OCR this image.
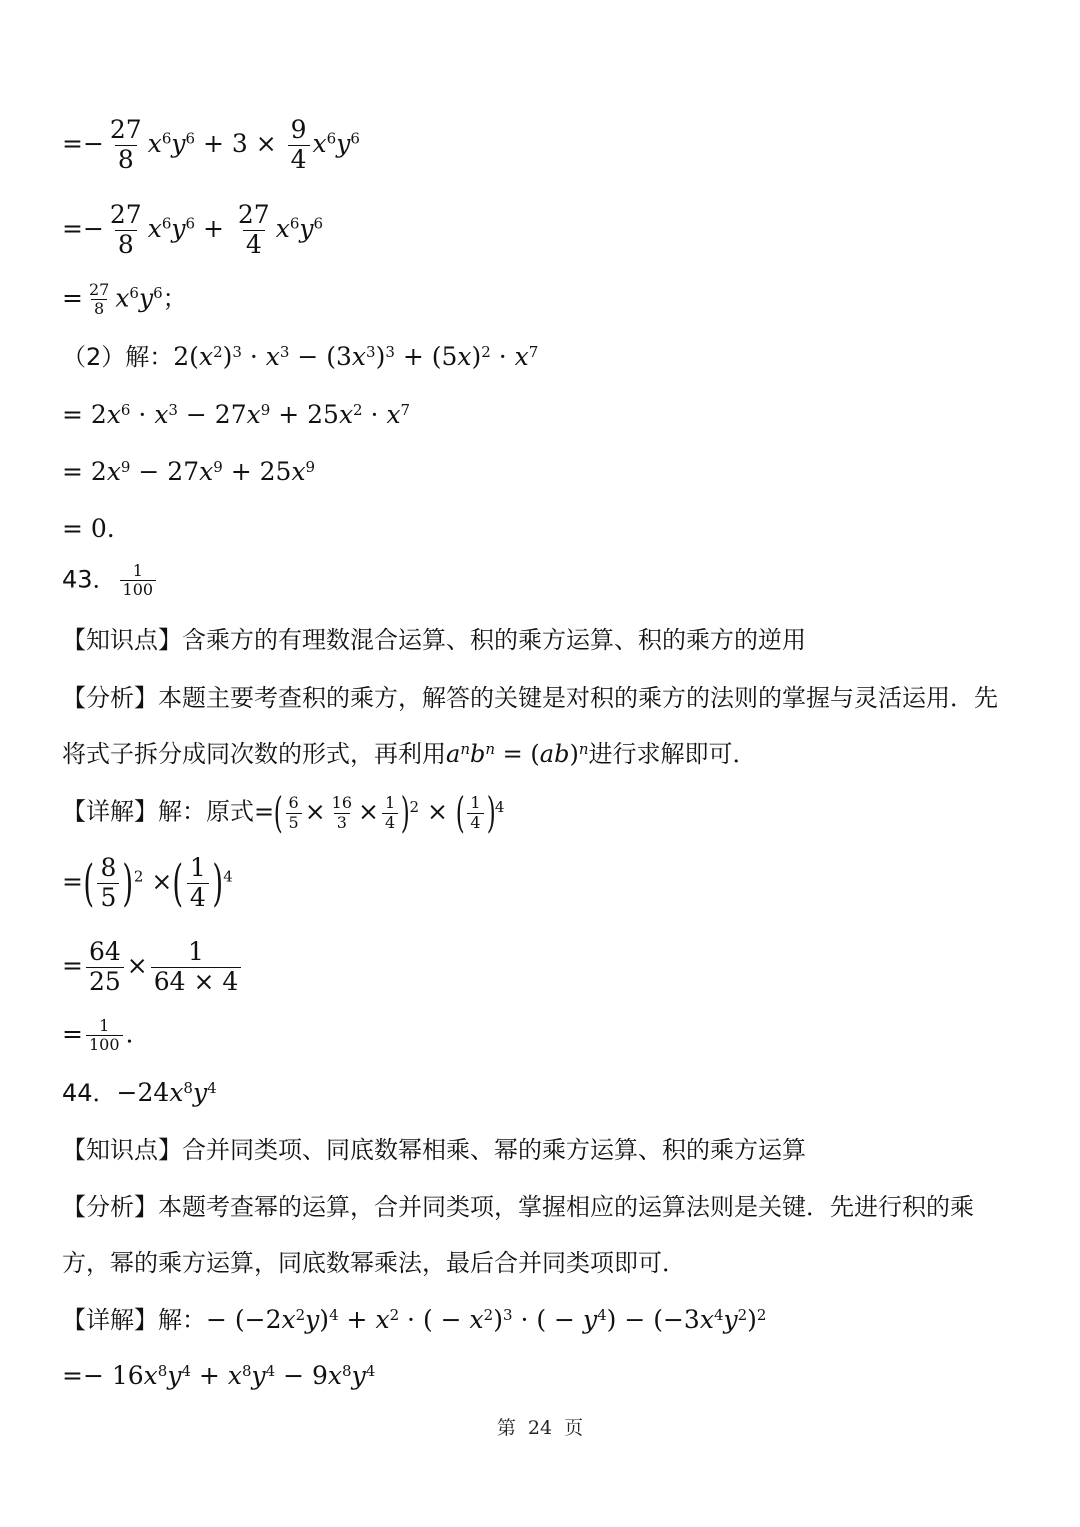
=− $\frac{27}{8} x^6y^6 + 3 \times \frac{9}{4} x^6y^6$
=− $\frac{27}{8} x^6y^6 + \frac{27}{4} x^6y^6$
= $\frac{27}{8} x^6y^6$；
（2）解：$2(x^2)^3 \cdot x^3 - (3x^3)^3 + (5x)^2 \cdot x^7$
= $2x^6 \cdot x^3 - 27x^9 + 25x^2 \cdot x^7$
= $2x^9 - 27x^9 + 25x^9$
= 0.
43． $\frac{1}{100}$
【知识点】含乘方的有理数混合运算、积的乘方运算、积的乘方的逆用
【分析】本题主要考查积的乘方，解答的关键是对积的乘方的法则的掌握与灵活运用．先
将式子拆分成同次数的形式，再利用$a^nb^n = (ab)^n$进行求解即可．
【详解】解：原式=( $\frac{6}{5} \times \frac{16}{3} \times \frac{1}{4} )^2$ × ( $\frac{1}{4} )^4$
=( $\frac{8}{5} )^2$ ×( $\frac{1}{4} )^4$
= $\frac{64}{25} \times \frac{1}{64 \times 4}$
= $\frac{1}{100}$ .
44．$-24x^8y^4$
【知识点】合并同类项、同底数幂相乘、幂的乘方运算、积的乘方运算
【分析】本题考查幂的运算，合并同类项，掌握相应的运算法则是关键．先进行积的乘
方，幂的乘方运算，同底数幂乘法，最后合并同类项即可．
【详解】解：− $(-2x^2y)^4 + x^2$ · ( − $x^2)^3$ · ( − $y^4) - (-3x^4y^2)^2$
=− $16x^8y^4 + x^8y^4 - 9x^8y^4$
第 24 页
